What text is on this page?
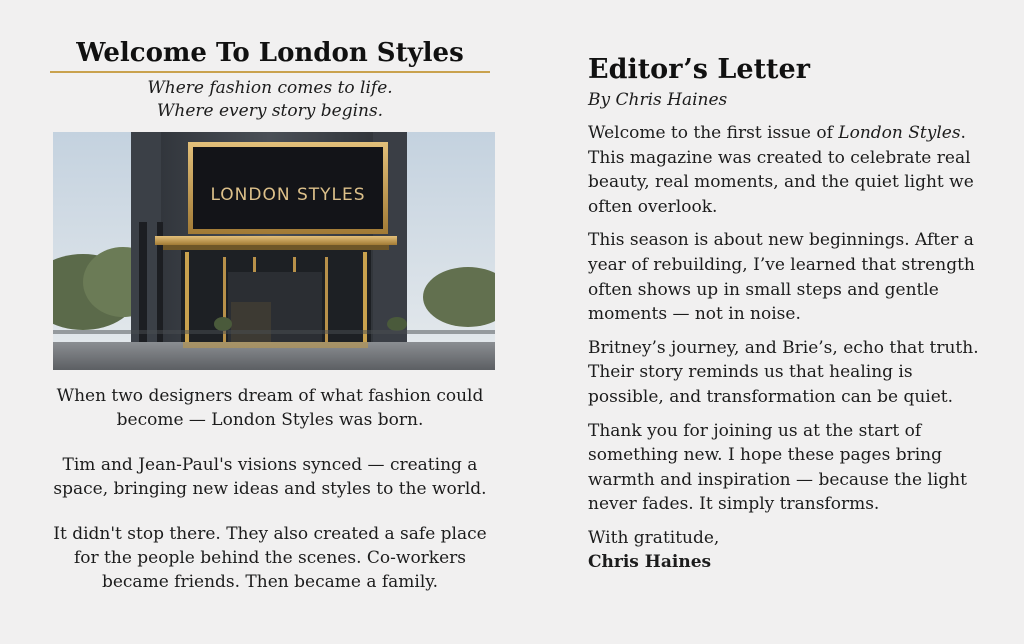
Welcome To London Styles
Where fashion comes to life.
Where every story begins.
LONDON STYLES

When two designers dream of what fashion could become — London Styles was born.

Tim and Jean-Paul's visions synced — creating a space, bringing new ideas and styles to the world.

It didn't stop there. They also created a safe place for the people behind the scenes. Co-workers became friends. Then became a family.

Editor’s Letter
By Chris Haines

Welcome to the first issue of London Styles. This magazine was created to celebrate real beauty, real moments, and the quiet light we often overlook.

This season is about new beginnings. After a year of rebuilding, I’ve learned that strength often shows up in small steps and gentle moments — not in noise.

Britney’s journey, and Brie’s, echo that truth. Their story reminds us that healing is possible, and transformation can be quiet.

Thank you for joining us at the start of something new. I hope these pages bring warmth and inspiration — because the light never fades. It simply transforms.

With gratitude,
Chris Haines
